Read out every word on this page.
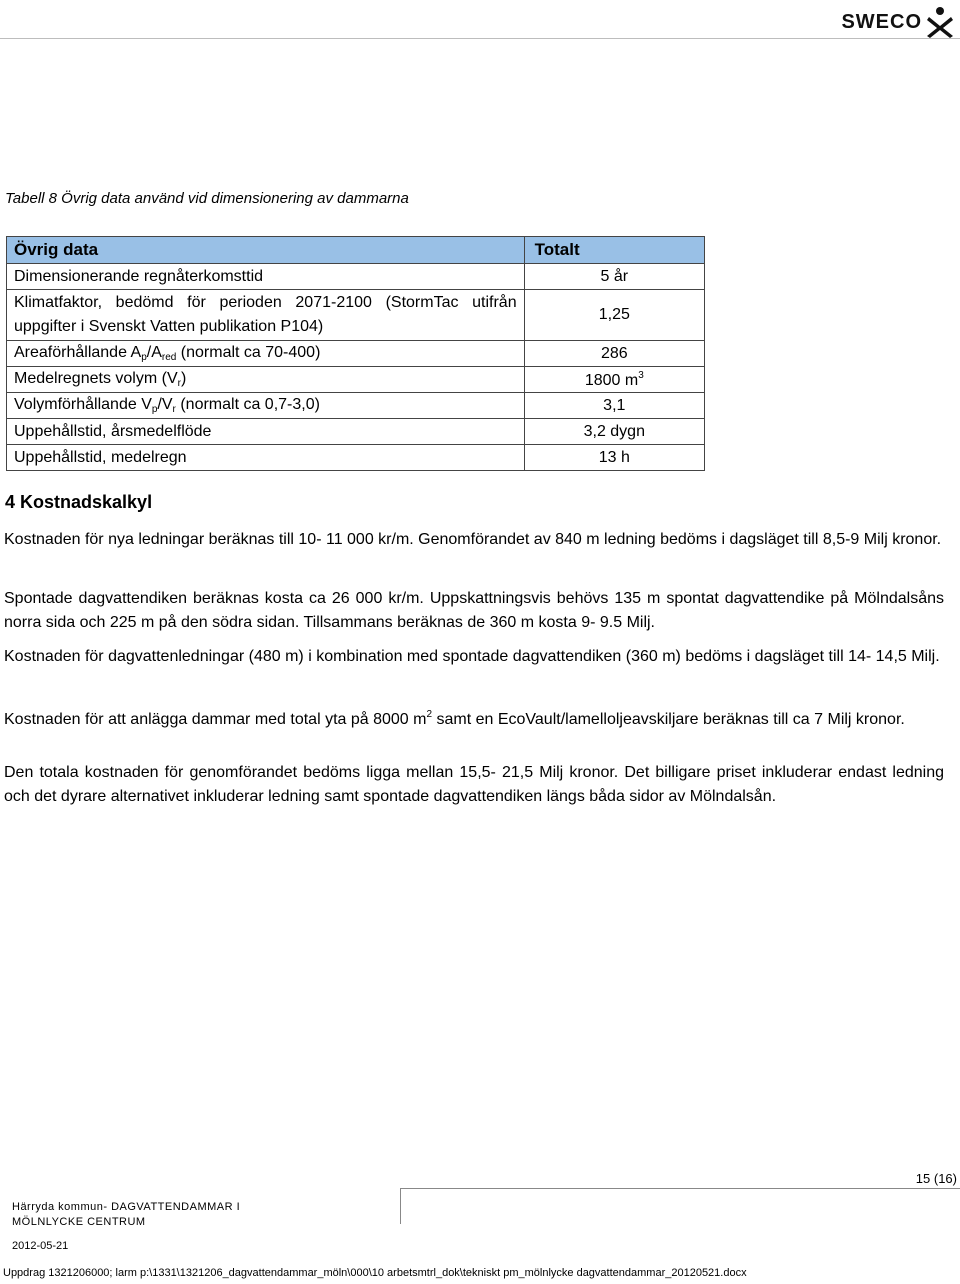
SWECO
Tabell 8 Övrig data använd vid dimensionering av dammarna
Övrig data	Totalt
Dimensionerande regnåterkomsttid	5 år
Klimatfaktor, bedömd för perioden 2071-2100 (StormTac utifrån uppgifter i Svenskt Vatten publikation P104)	1,25
Areaförhållande $A_p/A_{red}$ (normalt ca 70-400)	286
Medelregnets volym $(V_r)$	1800 $m^3$
Volymförhållande $V_p/V_r$ (normalt ca 0,7-3,0)	3,1
Uppehållstid, årsmedelflöde	3,2 dygn
Uppehållstid, medelregn	13 h
4 Kostnadskalkyl
Kostnaden för nya ledningar beräknas till 10- 11 000 kr/m. Genomförandet av 840 m ledning bedöms i dagsläget till 8,5-9 Milj kronor.
Spontade dagvattendiken beräknas kosta ca 26 000 kr/m. Uppskattningsvis behövs 135 m spontat dagvattendike på Mölndalsåns norra sida och 225 m på den södra sidan. Tillsammans beräknas de 360 m kosta 9- 9.5 Milj.
Kostnaden för dagvattenledningar (480 m) i kombination med spontade dagvattendiken (360 m) bedöms i dagsläget till 14- 14,5 Milj.
Kostnaden för att anlägga dammar med total yta på 8000 $m^2$ samt en EcoVault/lamelloljeavskiljare beräknas till ca 7 Milj kronor.
Den totala kostnaden för genomförandet bedöms ligga mellan 15,5- 21,5 Milj kronor. Det billigare priset inkluderar endast ledning och det dyrare alternativet inkluderar ledning samt spontade dagvattendiken längs båda sidor av Mölndalsån.
15 (16)
Härryda kommun- DAGVATTENDAMMAR I MÖLNLYCKE CENTRUM
2012-05-21
Uppdrag 1321206000; larm p:\1331\1321206_dagvattendammar_möln\000\10 arbetsmtrl_dok\tekniskt pm_mölnlycke dagvattendammar_20120521.docx
